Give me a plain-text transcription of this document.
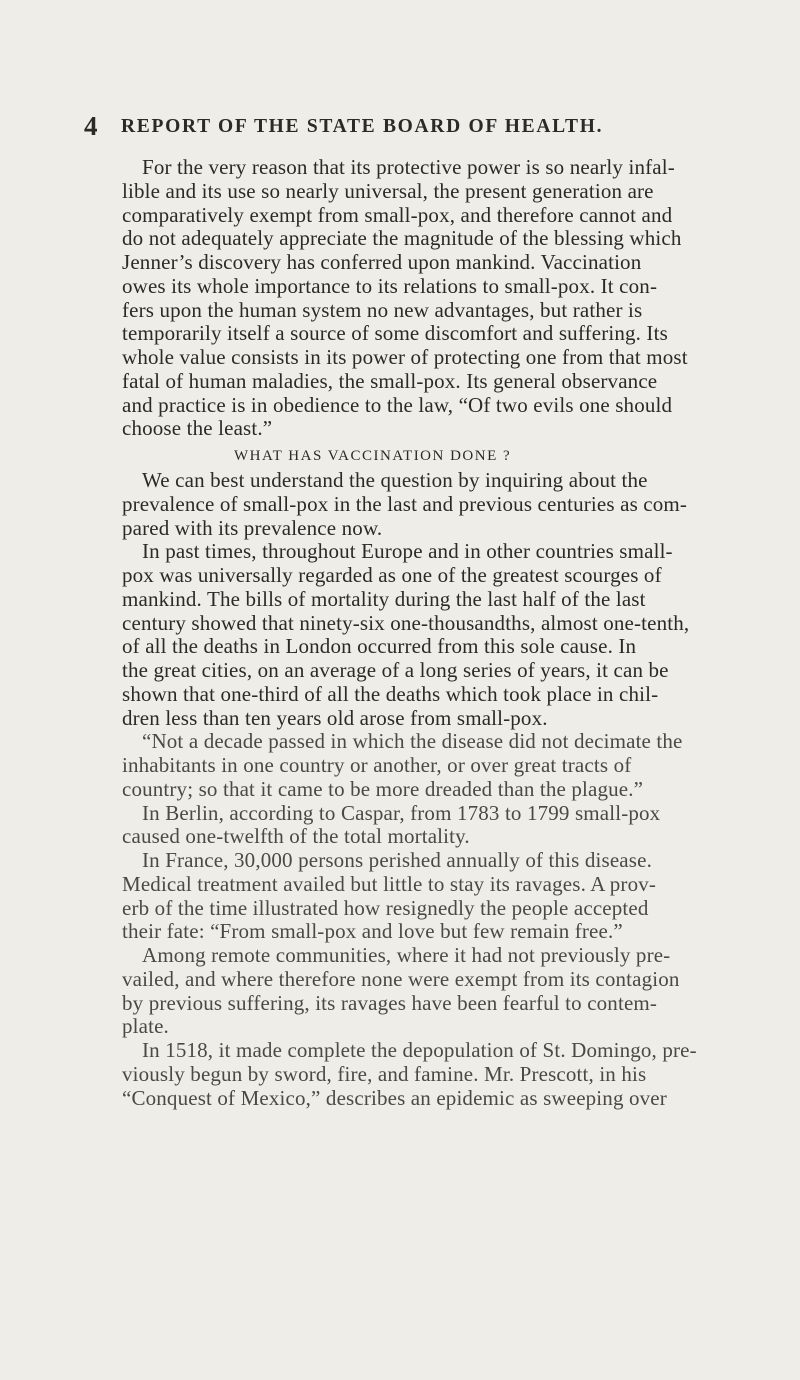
4 REPORT OF THE STATE BOARD OF HEALTH.
For the very reason that its protective power is so nearly infal-
lible and its use so nearly universal, the present generation are
comparatively exempt from small-pox, and therefore cannot and
do not adequately appreciate the magnitude of the blessing which
Jenner’s discovery has conferred upon mankind. Vaccination
owes its whole importance to its relations to small-pox. It con-
fers upon the human system no new advantages, but rather is
temporarily itself a source of some discomfort and suffering. Its
whole value consists in its power of protecting one from that most
fatal of human maladies, the small-pox. Its general observance
and practice is in obedience to the law, “Of two evils one should
choose the least.”
WHAT HAS VACCINATION DONE ?
We can best understand the question by inquiring about the
prevalence of small-pox in the last and previous centuries as com-
pared with its prevalence now.
In past times, throughout Europe and in other countries small-
pox was universally regarded as one of the greatest scourges of
mankind. The bills of mortality during the last half of the last
century showed that ninety-six one-thousandths, almost one-tenth,
of all the deaths in London occurred from this sole cause. In
the great cities, on an average of a long series of years, it can be
shown that one-third of all the deaths which took place in chil-
dren less than ten years old arose from small-pox.
“Not a decade passed in which the disease did not decimate the
inhabitants in one country or another, or over great tracts of
country; so that it came to be more dreaded than the plague.”
In Berlin, according to Caspar, from 1783 to 1799 small-pox
caused one-twelfth of the total mortality.
In France, 30,000 persons perished annually of this disease.
Medical treatment availed but little to stay its ravages. A prov-
erb of the time illustrated how resignedly the people accepted
their fate: “From small-pox and love but few remain free.”
Among remote communities, where it had not previously pre-
vailed, and where therefore none were exempt from its contagion
by previous suffering, its ravages have been fearful to contem-
plate.
In 1518, it made complete the depopulation of St. Domingo, pre-
viously begun by sword, fire, and famine. Mr. Prescott, in his
“Conquest of Mexico,” describes an epidemic as sweeping over
